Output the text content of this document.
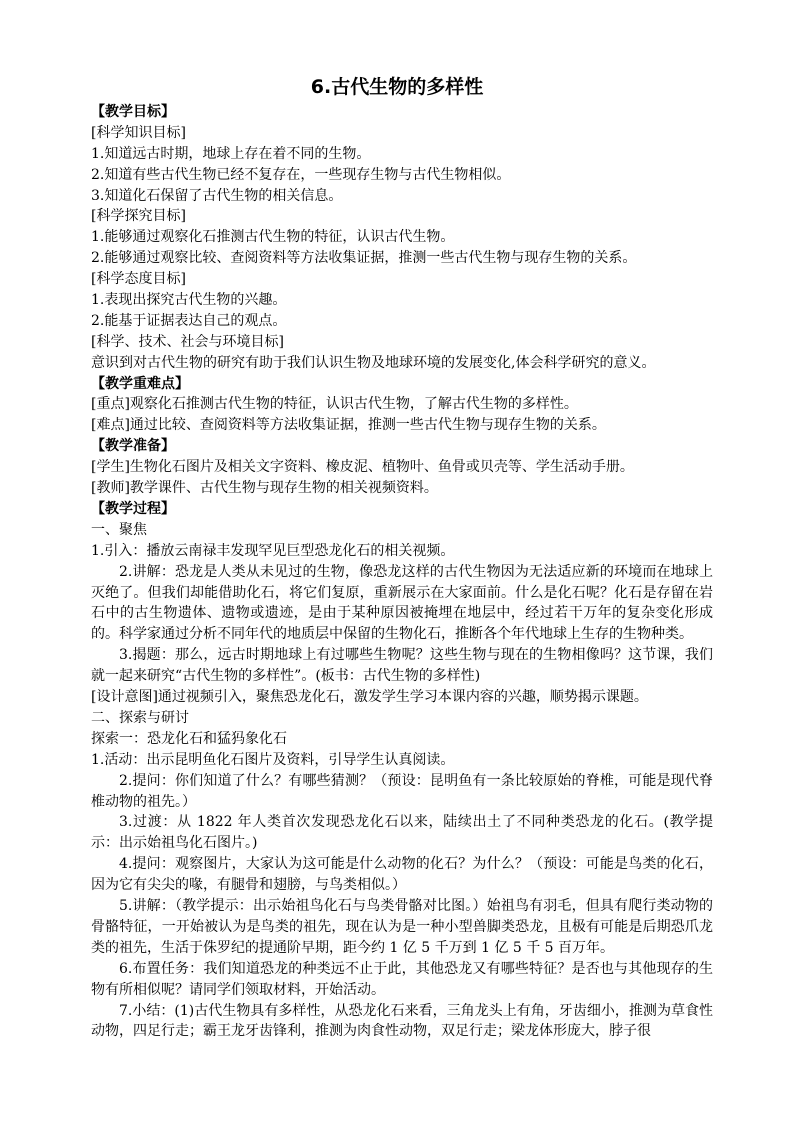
6.古代生物的多样性
【教学目标】
[科学知识目标]
1.知道远古时期，地球上存在着不同的生物。
2.知道有些古代生物已经不复存在，一些现存生物与古代生物相似。
3.知道化石保留了古代生物的相关信息。
[科学探究目标]
1.能够通过观察化石推测古代生物的特征，认识古代生物。
2.能够通过观察比较、查阅资料等方法收集证据，推测一些古代生物与现存生物的关系。
[科学态度目标]
1.表现出探究古代生物的兴趣。
2.能基于证据表达自己的观点。
[科学、技术、社会与环境目标]
意识到对古代生物的研究有助于我们认识生物及地球环境的发展变化,体会科学研究的意义。
【教学重难点】
[重点]观察化石推测古代生物的特征，认识古代生物，了解古代生物的多样性。
[难点]通过比较、查阅资料等方法收集证据，推测一些古代生物与现存生物的关系。
【教学准备】
[学生]生物化石图片及相关文字资料、橡皮泥、植物叶、鱼骨或贝壳等、学生活动手册。
[教师]教学课件、古代生物与现存生物的相关视频资料。
【教学过程】
一、聚焦
1.引入：播放云南禄丰发现罕见巨型恐龙化石的相关视频。
2.讲解：恐龙是人类从未见过的生物，像恐龙这样的古代生物因为无法适应新的环境而在地球上灭绝了。但我们却能借助化石，将它们复原，重新展示在大家面前。什么是化石呢？化石是存留在岩石中的古生物遗体、遗物或遗迹，是由于某种原因被掩埋在地层中，经过若干万年的复杂变化形成的。科学家通过分析不同年代的地质层中保留的生物化石，推断各个年代地球上生存的生物种类。
3.揭题：那么，远古时期地球上有过哪些生物呢？这些生物与现在的生物相像吗？这节课，我们就一起来研究“古代生物的多样性”。(板书：古代生物的多样性)
[设计意图]通过视频引入，聚焦恐龙化石，激发学生学习本课内容的兴趣，顺势揭示课题。
二、探索与研讨
探索一：恐龙化石和猛犸象化石
1.活动：出示昆明鱼化石图片及资料，引导学生认真阅读。
2.提问：你们知道了什么？有哪些猜测？（预设：昆明鱼有一条比较原始的脊椎，可能是现代脊椎动物的祖先。）
3.过渡：从 1822 年人类首次发现恐龙化石以来，陆续出土了不同种类恐龙的化石。(教学提示：出示始祖鸟化石图片。)
4.提问：观察图片，大家认为这可能是什么动物的化石？为什么？（预设：可能是鸟类的化石，因为它有尖尖的喙，有腿骨和翅膀，与鸟类相似。）
5.讲解：（教学提示：出示始祖鸟化石与鸟类骨骼对比图。）始祖鸟有羽毛，但具有爬行类动物的骨骼特征，一开始被认为是鸟类的祖先，现在认为是一种小型兽脚类恐龙，且极有可能是后期恐爪龙类的祖先，生活于侏罗纪的提通阶早期，距今约 1 亿 5 千万到 1 亿 5 千 5 百万年。
6.布置任务：我们知道恐龙的种类远不止于此，其他恐龙又有哪些特征？是否也与其他现存的生物有所相似呢？请同学们领取材料，开始活动。
7.小结：(1)古代生物具有多样性，从恐龙化石来看，三角龙头上有角，牙齿细小，推测为草食性动物，四足行走；霸王龙牙齿锋利，推测为肉食性动物，双足行走；梁龙体形庞大，脖子很
